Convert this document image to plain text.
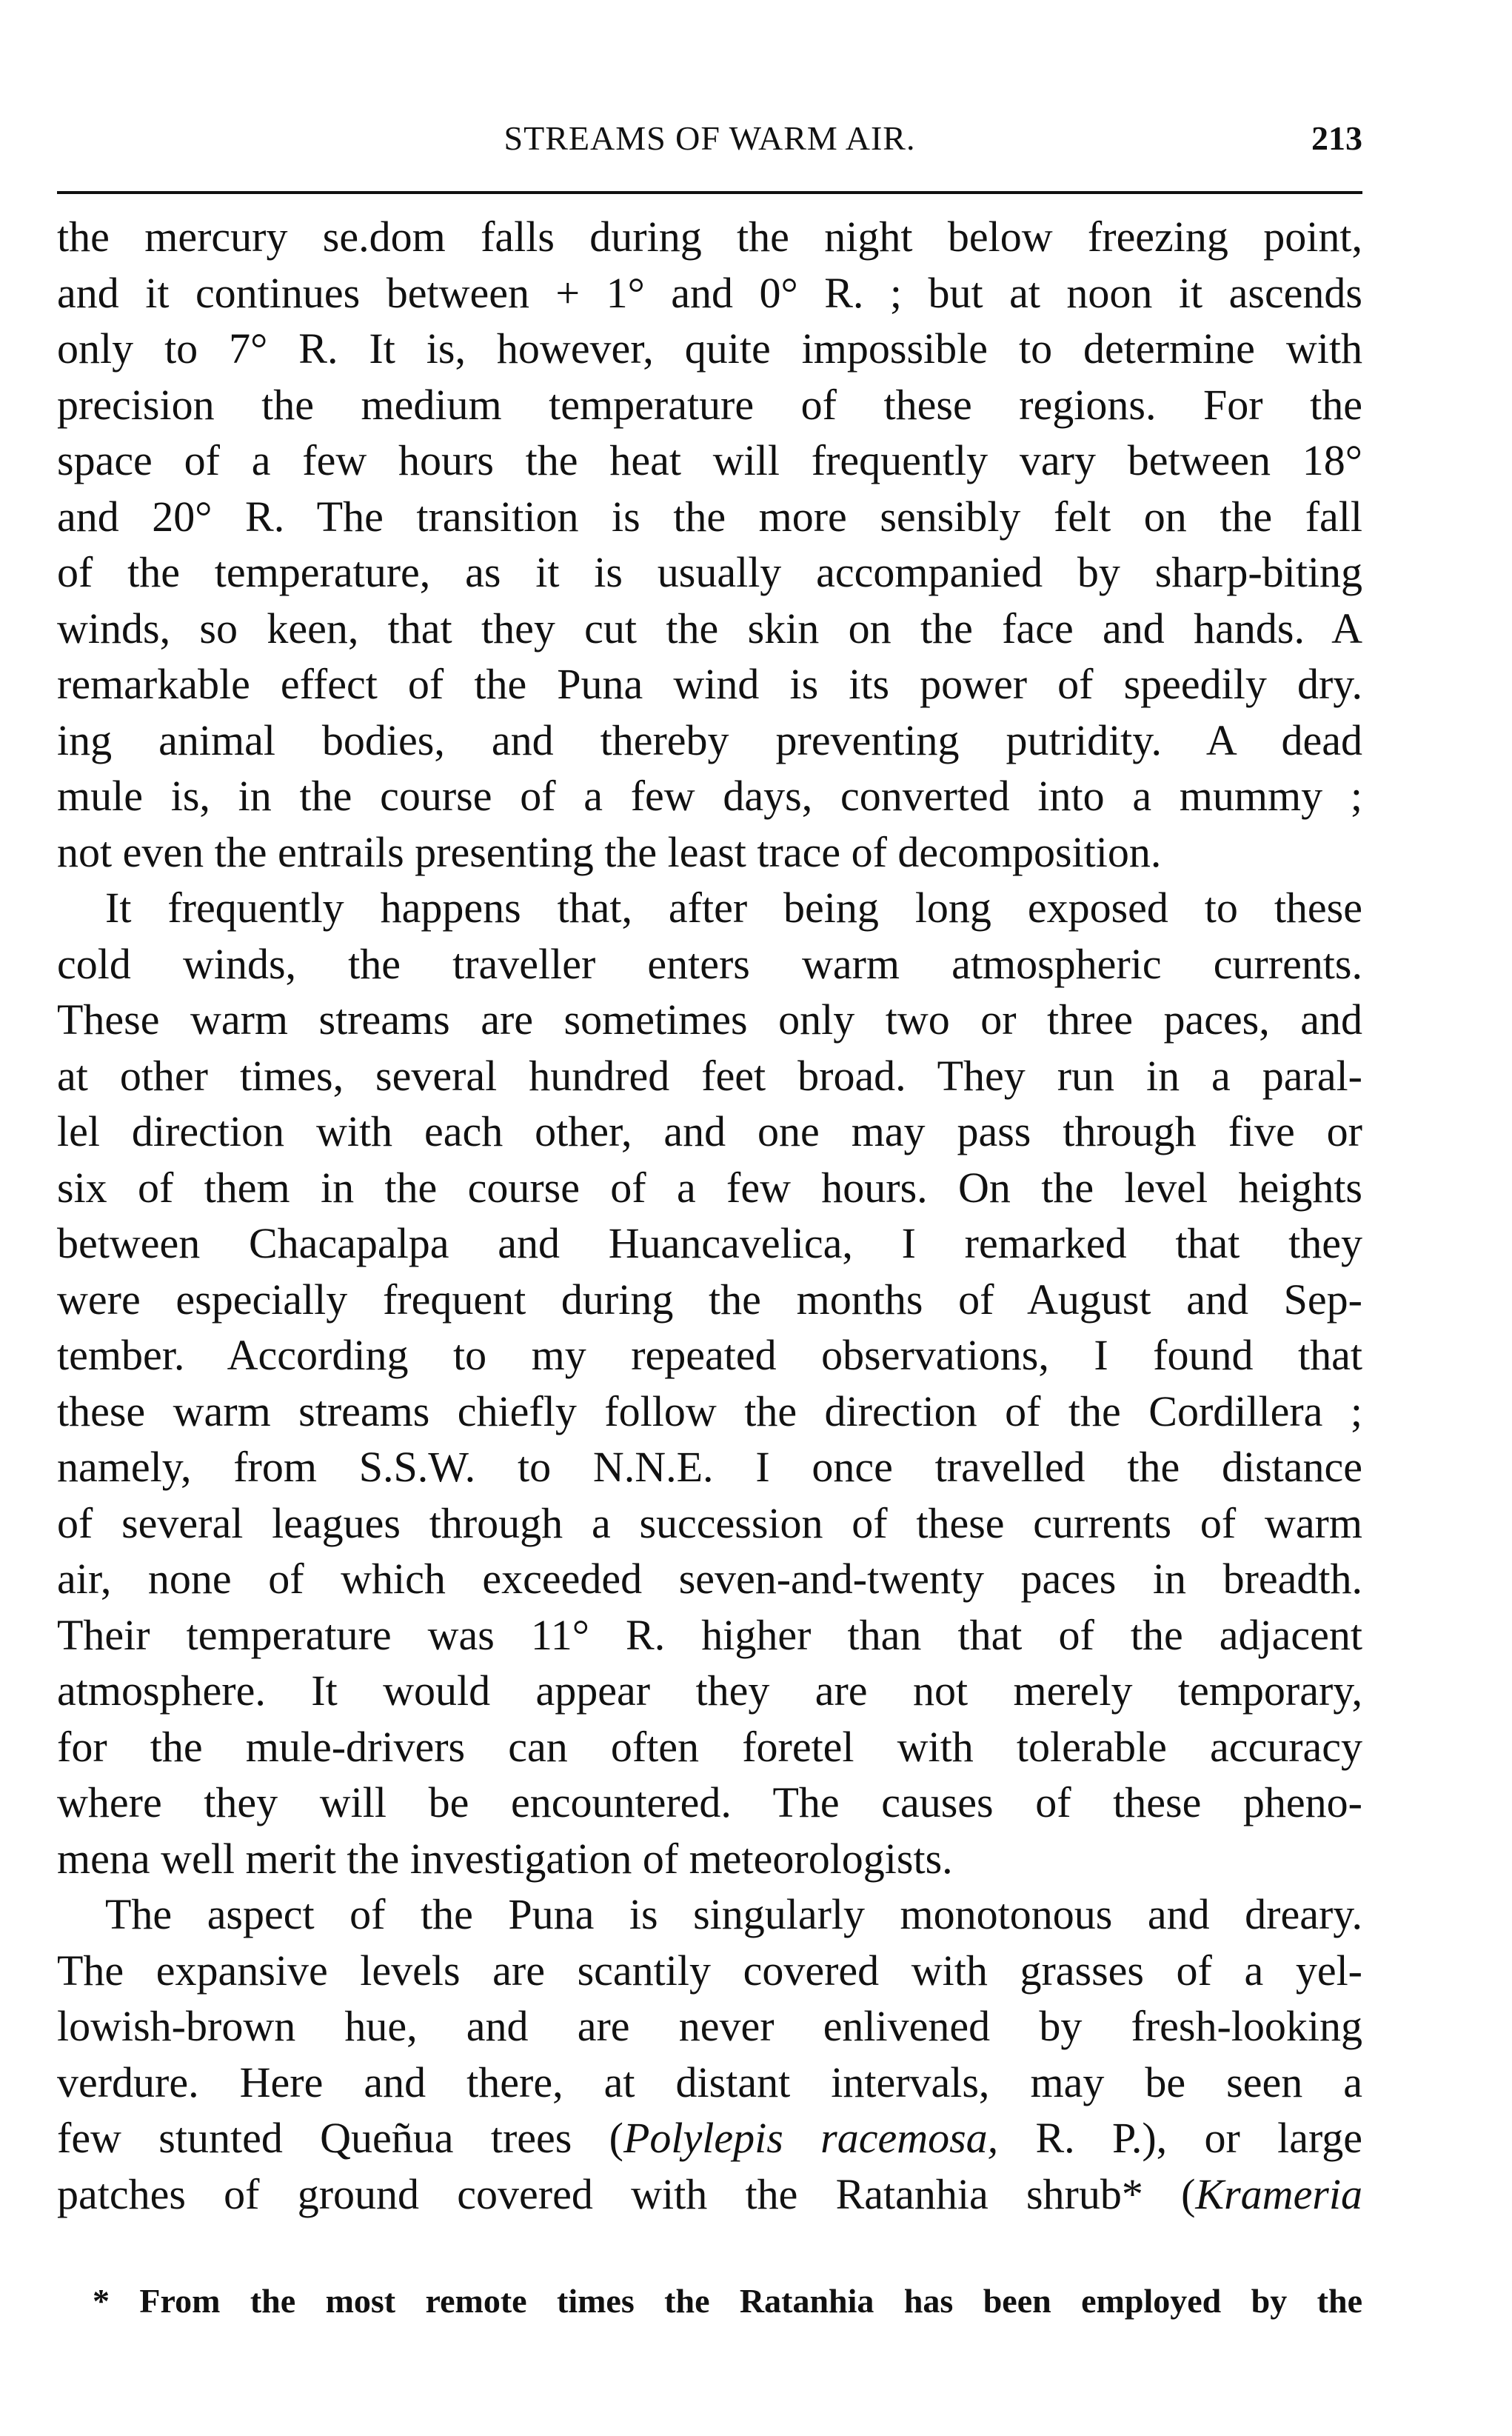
STREAMS OF WARM AIR.	213
the mercury se.dom falls during the night below freezing point,
and it continues between + 1° and 0° R. ; but at noon it ascends
only to 7° R. It is, however, quite impossible to determine with
precision the medium temperature of these regions. For the
space of a few hours the heat will frequently vary between 18°
and 20° R. The transition is the more sensibly felt on the fall
of the temperature, as it is usually accompanied by sharp-biting
winds, so keen, that they cut the skin on the face and hands. A
remarkable effect of the Puna wind is its power of speedily dry.
ing animal bodies, and thereby preventing putridity. A dead
mule is, in the course of a few days, converted into a mummy ;
not even the entrails presenting the least trace of decomposition.
It frequently happens that, after being long exposed to these
cold winds, the traveller enters warm atmospheric currents.
These warm streams are sometimes only two or three paces, and
at other times, several hundred feet broad. They run in a paral-
lel direction with each other, and one may pass through five or
six of them in the course of a few hours. On the level heights
between Chacapalpa and Huancavelica, I remarked that they
were especially frequent during the months of August and Sep-
tember. According to my repeated observations, I found that
these warm streams chiefly follow the direction of the Cordillera ;
namely, from S.S.W. to N.N.E. I once travelled the distance
of several leagues through a succession of these currents of warm
air, none of which exceeded seven-and-twenty paces in breadth.
Their temperature was 11° R. higher than that of the adjacent
atmosphere. It would appear they are not merely temporary,
for the mule-drivers can often foretel with tolerable accuracy
where they will be encountered. The causes of these pheno-
mena well merit the investigation of meteorologists.
The aspect of the Puna is singularly monotonous and dreary.
The expansive levels are scantily covered with grasses of a yel-
lowish-brown hue, and are never enlivened by fresh-looking
verdure. Here and there, at distant intervals, may be seen a
few stunted Queñua trees (Polylepis racemosa, R. P.), or large
patches of ground covered with the Ratanhia shrub* (Krameria
* From the most remote times the Ratanhia has been employed by the
